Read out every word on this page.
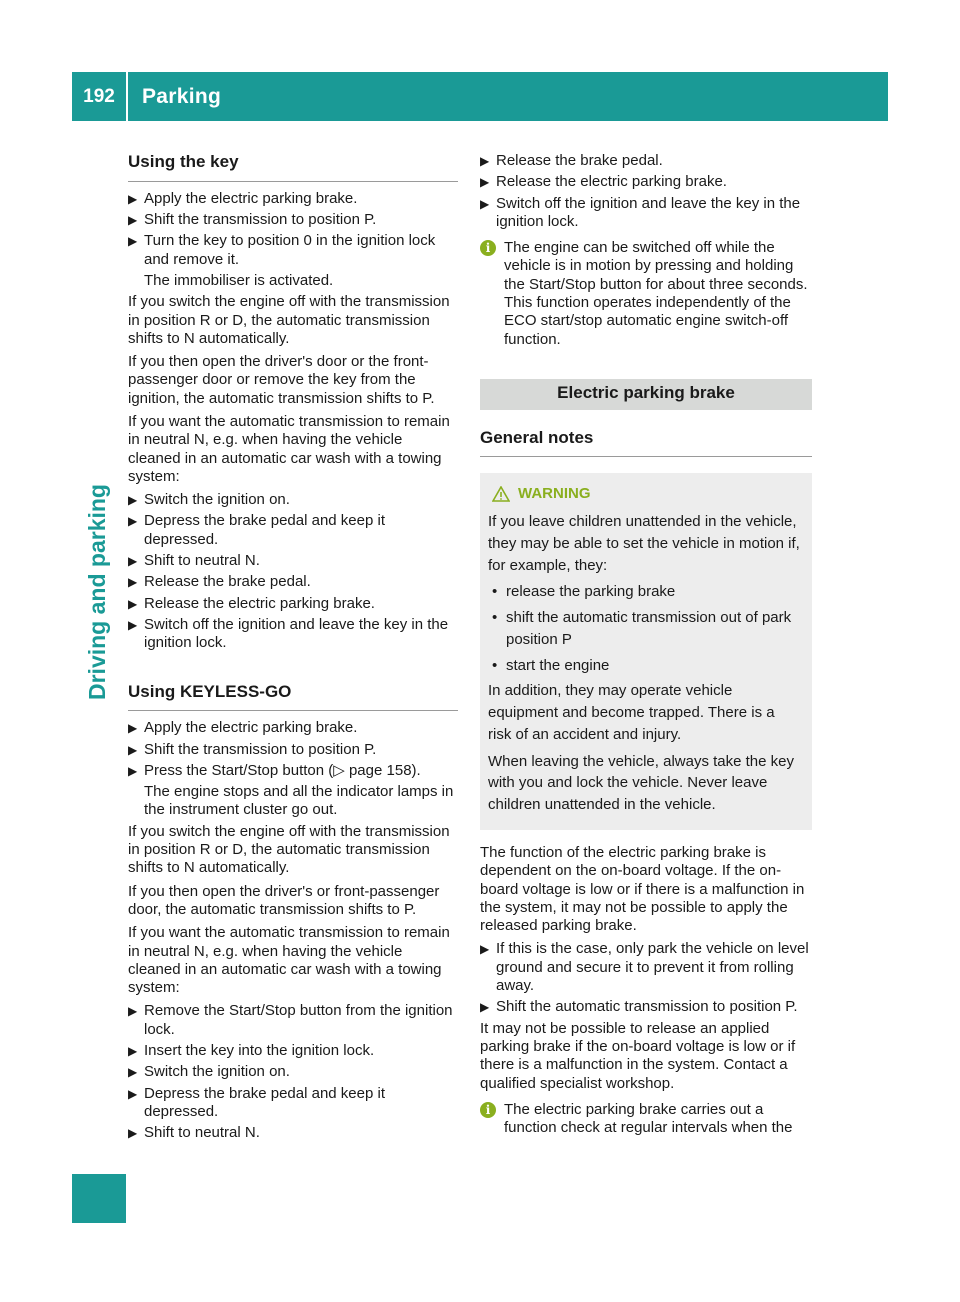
192	Parking
Driving and parking
Using the key
▶ Apply the electric parking brake.
▶ Shift the transmission to position P.
▶ Turn the key to position 0 in the ignition lock and remove it.
The immobiliser is activated.

If you switch the engine off with the transmission in position R or D, the automatic transmission shifts to N automatically.

If you then open the driver's door or the front-passenger door or remove the key from the ignition, the automatic transmission shifts to P.

If you want the automatic transmission to remain in neutral N, e.g. when having the vehicle cleaned in an automatic car wash with a towing system:

▶ Switch the ignition on.
▶ Depress the brake pedal and keep it depressed.
▶ Shift to neutral N.
▶ Release the brake pedal.
▶ Release the electric parking brake.
▶ Switch off the ignition and leave the key in the ignition lock.
Using KEYLESS-GO
▶ Apply the electric parking brake.
▶ Shift the transmission to position P.
▶ Press the Start/Stop button (▷ page 158).
The engine stops and all the indicator lamps in the instrument cluster go out.

If you switch the engine off with the transmission in position R or D, the automatic transmission shifts to N automatically.

If you then open the driver's or front-passenger door, the automatic transmission shifts to P.

If you want the automatic transmission to remain in neutral N, e.g. when having the vehicle cleaned in an automatic car wash with a towing system:

▶ Remove the Start/Stop button from the ignition lock.
▶ Insert the key into the ignition lock.
▶ Switch the ignition on.
▶ Depress the brake pedal and keep it depressed.
▶ Shift to neutral N.
▶ Release the brake pedal.
▶ Release the electric parking brake.
▶ Switch off the ignition and leave the key in the ignition lock.
i The engine can be switched off while the vehicle is in motion by pressing and holding the Start/Stop button for about three seconds. This function operates independently of the ECO start/stop automatic engine switch-off function.
Electric parking brake
General notes
WARNING

If you leave children unattended in the vehicle, they may be able to set the vehicle in motion if, for example, they:

• release the parking brake
• shift the automatic transmission out of park position P
• start the engine

In addition, they may operate vehicle equipment and become trapped. There is a risk of an accident and injury.

When leaving the vehicle, always take the key with you and lock the vehicle. Never leave children unattended in the vehicle.

The function of the electric parking brake is dependent on the on-board voltage. If the on-board voltage is low or if there is a malfunction in the system, it may not be possible to apply the released parking brake.

▶ If this is the case, only park the vehicle on level ground and secure it to prevent it from rolling away.
▶ Shift the automatic transmission to position P.

It may not be possible to release an applied parking brake if the on-board voltage is low or if there is a malfunction in the system. Contact a qualified specialist workshop.

i The electric parking brake carries out a function check at regular intervals when the
